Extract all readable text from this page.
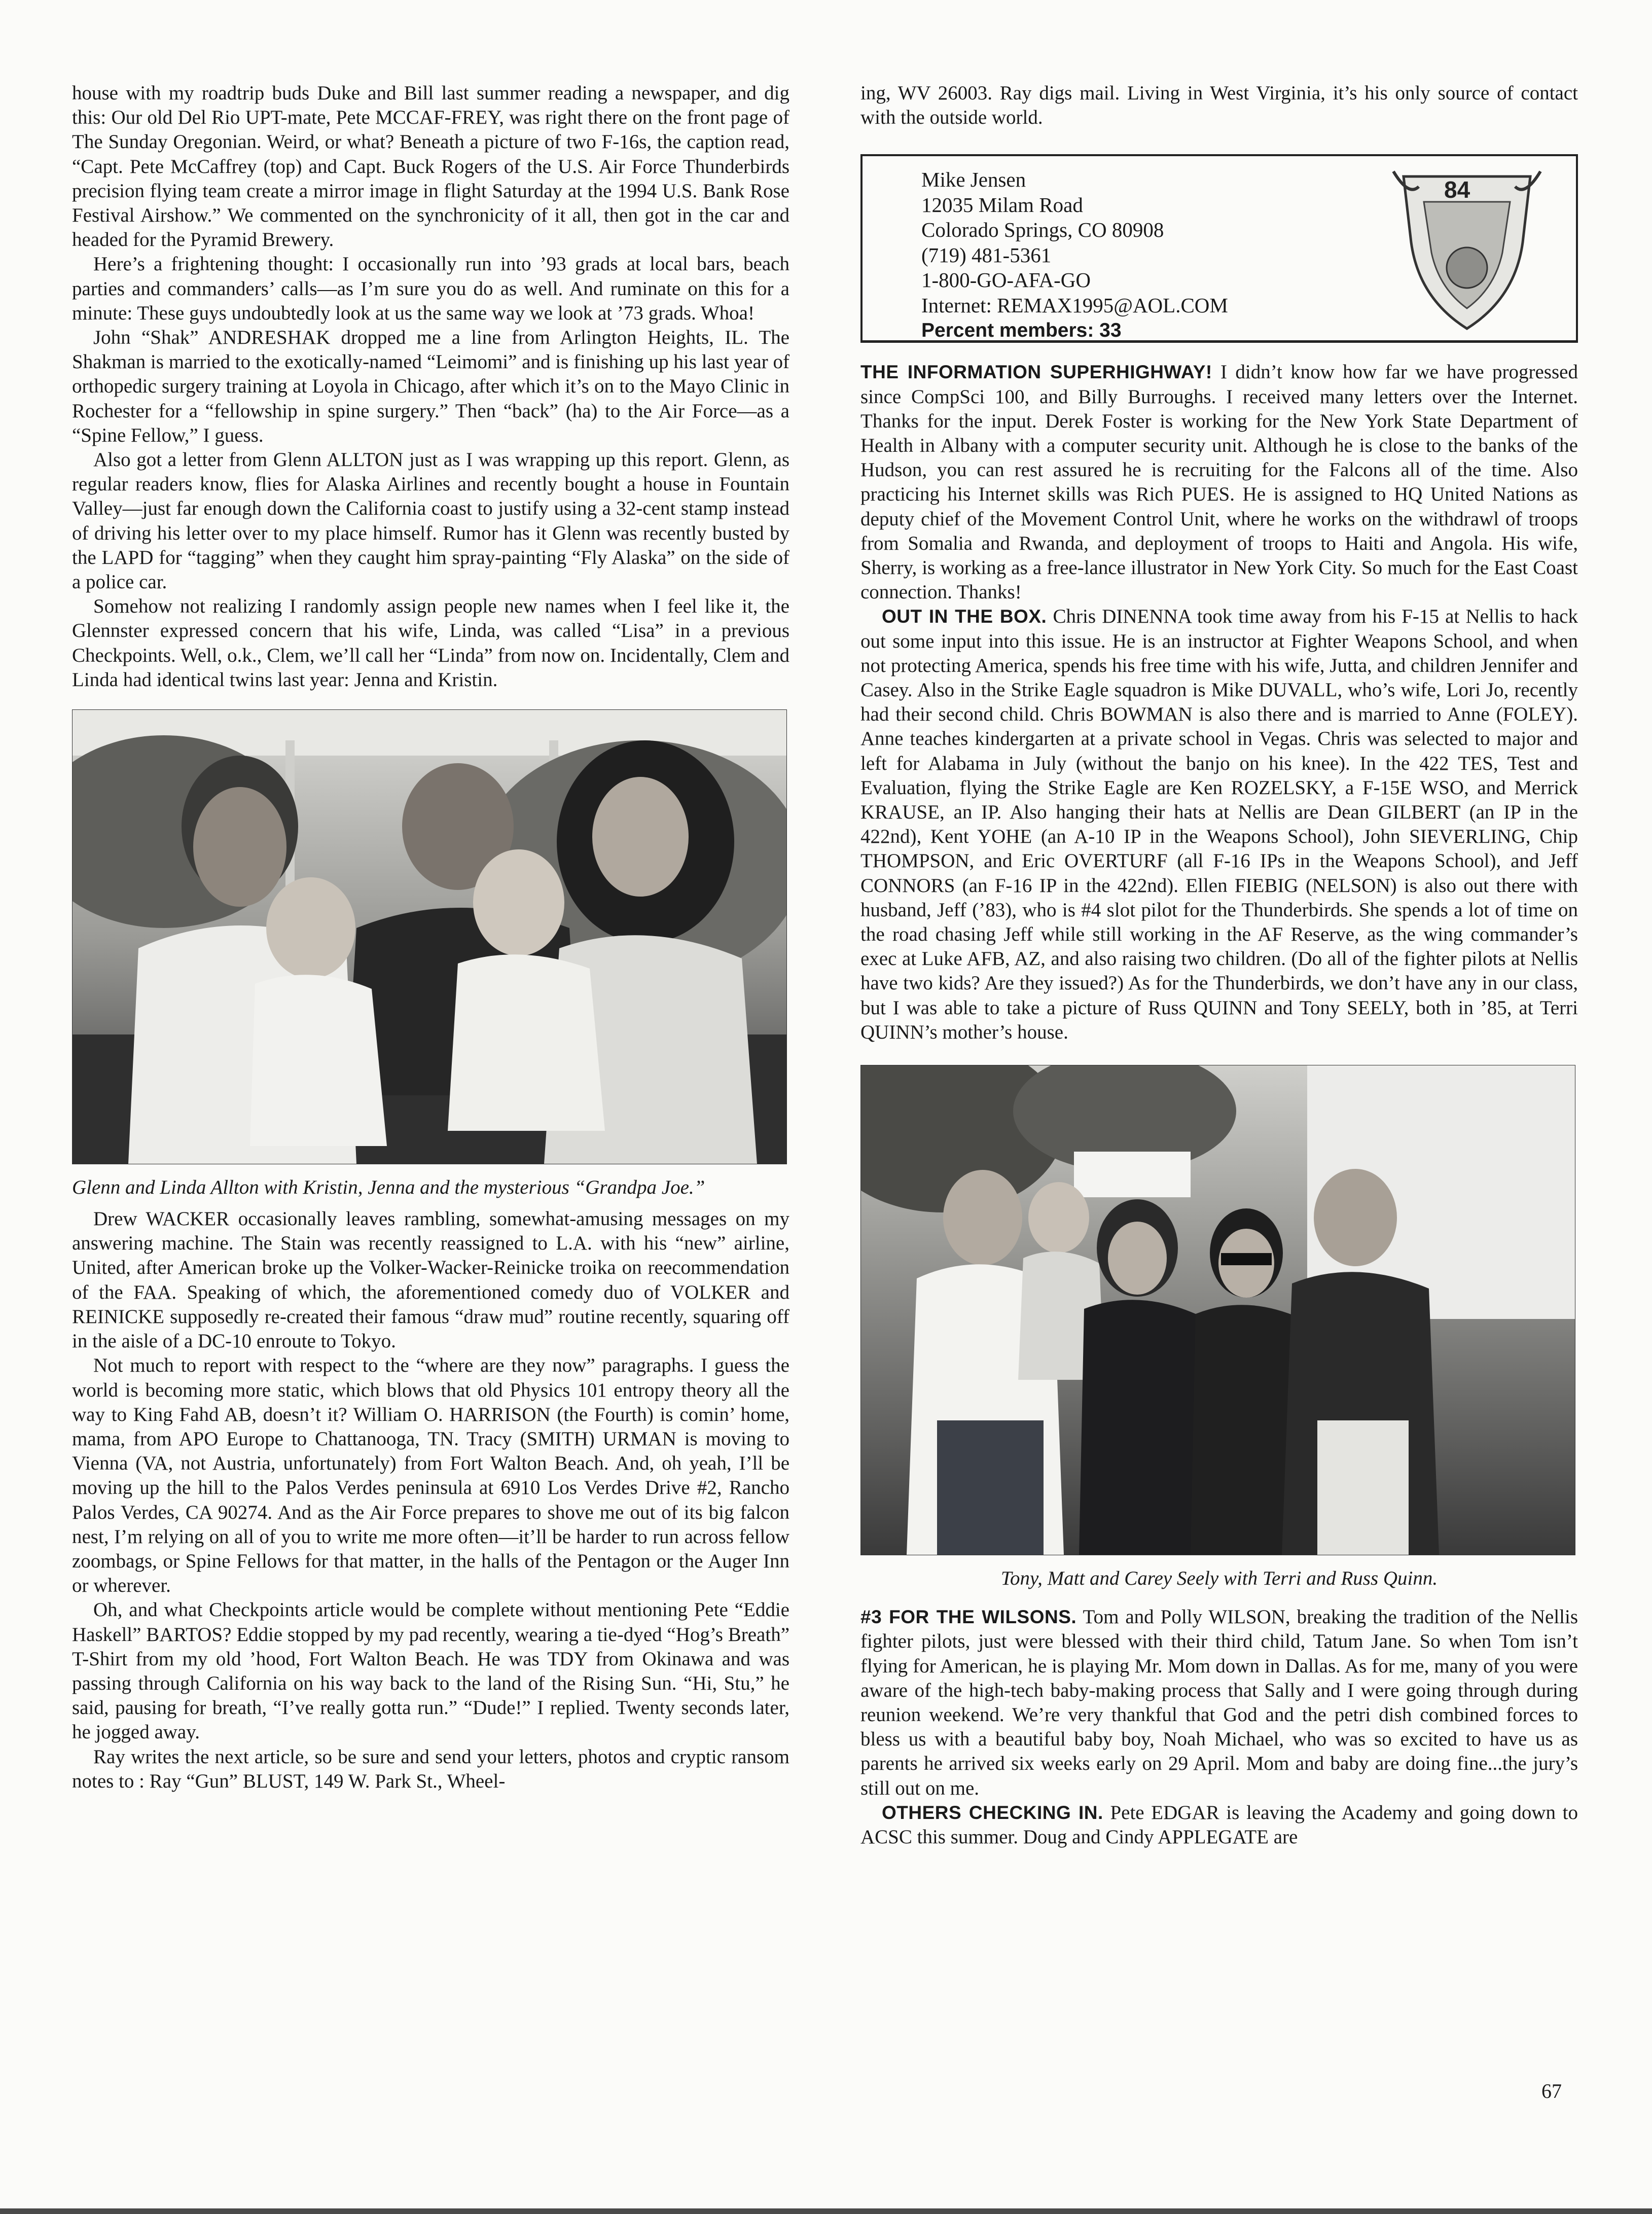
house with my roadtrip buds Duke and Bill last summer reading a newspaper, and dig this: Our old Del Rio UPT-mate, Pete MCCAF-FREY, was right there on the front page of The Sunday Oregonian. Weird, or what? Beneath a picture of two F-16s, the caption read, “Capt. Pete McCaffrey (top) and Capt. Buck Rogers of the U.S. Air Force Thunderbirds precision flying team create a mirror image in flight Saturday at the 1994 U.S. Bank Rose Festival Airshow.” We commented on the synchronicity of it all, then got in the car and headed for the Pyramid Brewery.

Here’s a frightening thought: I occasionally run into ’93 grads at local bars, beach parties and commanders’ calls—as I’m sure you do as well. And ruminate on this for a minute: These guys undoubtedly look at us the same way we look at ’73 grads. Whoa!

John “Shak” ANDRESHAK dropped me a line from Arlington Heights, IL. The Shakman is married to the exotically-named “Leimomi” and is finishing up his last year of orthopedic surgery training at Loyola in Chicago, after which it’s on to the Mayo Clinic in Rochester for a “fellowship in spine surgery.” Then “back” (ha) to the Air Force—as a “Spine Fellow,” I guess.

Also got a letter from Glenn ALLTON just as I was wrapping up this report. Glenn, as regular readers know, flies for Alaska Airlines and recently bought a house in Fountain Valley—just far enough down the California coast to justify using a 32-cent stamp instead of driving his letter over to my place himself. Rumor has it Glenn was recently busted by the LAPD for “tagging” when they caught him spray-painting “Fly Alaska” on the side of a police car.

Somehow not realizing I randomly assign people new names when I feel like it, the Glennster expressed concern that his wife, Linda, was called “Lisa” in a previous Checkpoints. Well, o.k., Clem, we’ll call her “Linda” from now on. Incidentally, Clem and Linda had identical twins last year: Jenna and Kristin.

Glenn and Linda Allton with Kristin, Jenna and the mysterious “Grandpa Joe.”

Drew WACKER occasionally leaves rambling, somewhat-amusing messages on my answering machine. The Stain was recently reassigned to L.A. with his “new” airline, United, after American broke up the Volker-Wacker-Reinicke troika on reecommendation of the FAA. Speaking of which, the aforementioned comedy duo of VOLKER and REINICKE supposedly re-created their famous “draw mud” routine recently, squaring off in the aisle of a DC-10 enroute to Tokyo.

Not much to report with respect to the “where are they now” paragraphs. I guess the world is becoming more static, which blows that old Physics 101 entropy theory all the way to King Fahd AB, doesn’t it? William O. HARRISON (the Fourth) is comin’ home, mama, from APO Europe to Chattanooga, TN. Tracy (SMITH) URMAN is moving to Vienna (VA, not Austria, unfortunately) from Fort Walton Beach. And, oh yeah, I’ll be moving up the hill to the Palos Verdes peninsula at 6910 Los Verdes Drive #2, Rancho Palos Verdes, CA 90274. And as the Air Force prepares to shove me out of its big falcon nest, I’m relying on all of you to write me more often—it’ll be harder to run across fellow zoombags, or Spine Fellows for that matter, in the halls of the Pentagon or the Auger Inn or wherever.

Oh, and what Checkpoints article would be complete without mentioning Pete “Eddie Haskell” BARTOS? Eddie stopped by my pad recently, wearing a tie-dyed “Hog’s Breath” T-Shirt from my old ’hood, Fort Walton Beach. He was TDY from Okinawa and was passing through California on his way back to the land of the Rising Sun. “Hi, Stu,” he said, pausing for breath, “I’ve really gotta run.” “Dude!” I replied. Twenty seconds later, he jogged away.

Ray writes the next article, so be sure and send your letters, photos and cryptic ransom notes to : Ray “Gun” BLUST, 149 W. Park St., Wheel-

ing, WV 26003. Ray digs mail. Living in West Virginia, it’s his only source of contact with the outside world.

Mike Jensen
12035 Milam Road
Colorado Springs, CO 80908
(719) 481-5361
1-800-GO-AFA-GO
Internet: REMAX1995@AOL.COM
Percent members: 33
84

THE INFORMATION SUPERHIGHWAY! I didn’t know how far we have progressed since CompSci 100, and Billy Burroughs. I received many letters over the Internet. Thanks for the input. Derek Foster is working for the New York State Department of Health in Albany with a computer security unit. Although he is close to the banks of the Hudson, you can rest assured he is recruiting for the Falcons all of the time. Also practicing his Internet skills was Rich PUES. He is assigned to HQ United Nations as deputy chief of the Movement Control Unit, where he works on the withdrawl of troops from Somalia and Rwanda, and deployment of troops to Haiti and Angola. His wife, Sherry, is working as a free-lance illustrator in New York City. So much for the East Coast connection. Thanks!

OUT IN THE BOX. Chris DINENNA took time away from his F-15 at Nellis to hack out some input into this issue. He is an instructor at Fighter Weapons School, and when not protecting America, spends his free time with his wife, Jutta, and children Jennifer and Casey. Also in the Strike Eagle squadron is Mike DUVALL, who’s wife, Lori Jo, recently had their second child. Chris BOWMAN is also there and is married to Anne (FOLEY). Anne teaches kindergarten at a private school in Vegas. Chris was selected to major and left for Alabama in July (without the banjo on his knee). In the 422 TES, Test and Evaluation, flying the Strike Eagle are Ken ROZELSKY, a F-15E WSO, and Merrick KRAUSE, an IP. Also hanging their hats at Nellis are Dean GILBERT (an IP in the 422nd), Kent YOHE (an A-10 IP in the Weapons School), John SIEVERLING, Chip THOMPSON, and Eric OVERTURF (all F-16 IPs in the Weapons School), and Jeff CONNORS (an F-16 IP in the 422nd). Ellen FIEBIG (NELSON) is also out there with husband, Jeff (’83), who is #4 slot pilot for the Thunderbirds. She spends a lot of time on the road chasing Jeff while still working in the AF Reserve, as the wing commander’s exec at Luke AFB, AZ, and also raising two children. (Do all of the fighter pilots at Nellis have two kids? Are they issued?) As for the Thunderbirds, we don’t have any in our class, but I was able to take a picture of Russ QUINN and Tony SEELY, both in ’85, at Terri QUINN’s mother’s house.

Tony, Matt and Carey Seely with Terri and Russ Quinn.

#3 FOR THE WILSONS. Tom and Polly WILSON, breaking the tradition of the Nellis fighter pilots, just were blessed with their third child, Tatum Jane. So when Tom isn’t flying for American, he is playing Mr. Mom down in Dallas. As for me, many of you were aware of the high-tech baby-making process that Sally and I were going through during reunion weekend. We’re very thankful that God and the petri dish combined forces to bless us with a beautiful baby boy, Noah Michael, who was so excited to have us as parents he arrived six weeks early on 29 April. Mom and baby are doing fine...the jury’s still out on me.

OTHERS CHECKING IN. Pete EDGAR is leaving the Academy and going down to ACSC this summer. Doug and Cindy APPLEGATE are

67
